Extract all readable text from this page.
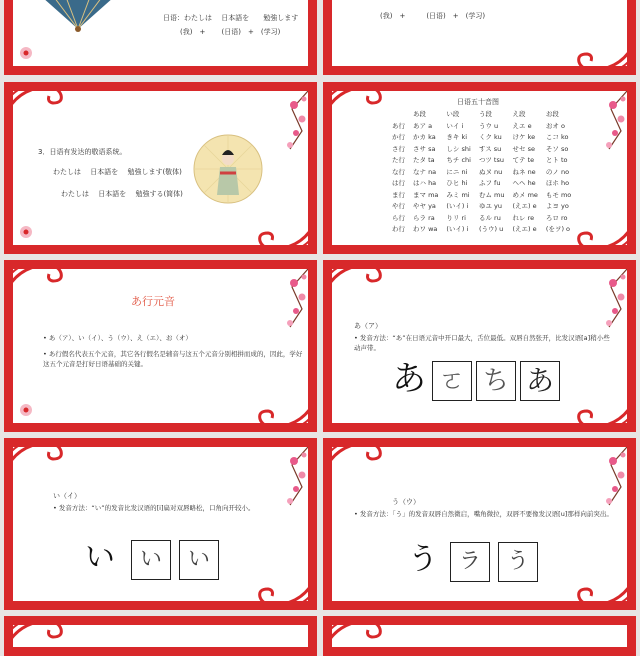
日语：わたしは　 日本語を　　勉強します
(我)　+　　 (日语)　+　(学习)
(我)　+　　　(日语)　+　(学习)
3．日语有发达的敬语系统。
わたしは　 日本語を　 勉強します(敬体)
わたしは　 日本語を　 勉強する(简体)
日语五十音图
	あ段	い段	う段	え段	お段
あ行	あア a	いイ i	うウ u	えエ e	おオ o
か行	かカ ka	きキ ki	くク ku	けケ ke	こコ ko
さ行	さサ sa	しシ shi	すス su	せセ se	そソ so
た行	たタ ta	ちチ chi	つツ tsu	てテ te	とト to
な行	なナ na	にニ ni	ぬヌ nu	ねネ ne	のノ no
は行	はハ ha	ひヒ hi	ふフ fu	へヘ he	ほホ ho
ま行	まマ ma	みミ mi	むム mu	めメ me	もモ mo
や行	やヤ ya	(いイ) i	ゆユ yu	(えエ) e	よヨ yo
ら行	らラ ra	りリ ri	るル ru	れレ re	ろロ ro
わ行	わワ wa	(いイ) i	(うウ) u	(えエ) e	(をヲ) o
あ行元音
• あ（ア）、い（イ）、う（ウ）、え（エ）、お（オ）
• あ行假名代表五个元音，其它各行假名是辅音与这五个元音分别相拼而成的，因此，学好这五个元音是打好日语基础的关键。
あ（ア）
• 发音方法：“あ”在日语元音中开口最大，舌位最低。双唇自然张开，比发汉语[a]稍小些动声带。
あ ㄛ ち あ
い（イ）
• 发音方法：“い”的发音比发汉语的[i]扁对双唇略松，口角向开较小。
い	い	い
う（ウ）
• 发音方法：「う」的发音双唇自然微启，嘴角微拉，双唇不要像发汉语[u]那样向前突出。
う ラ	う
